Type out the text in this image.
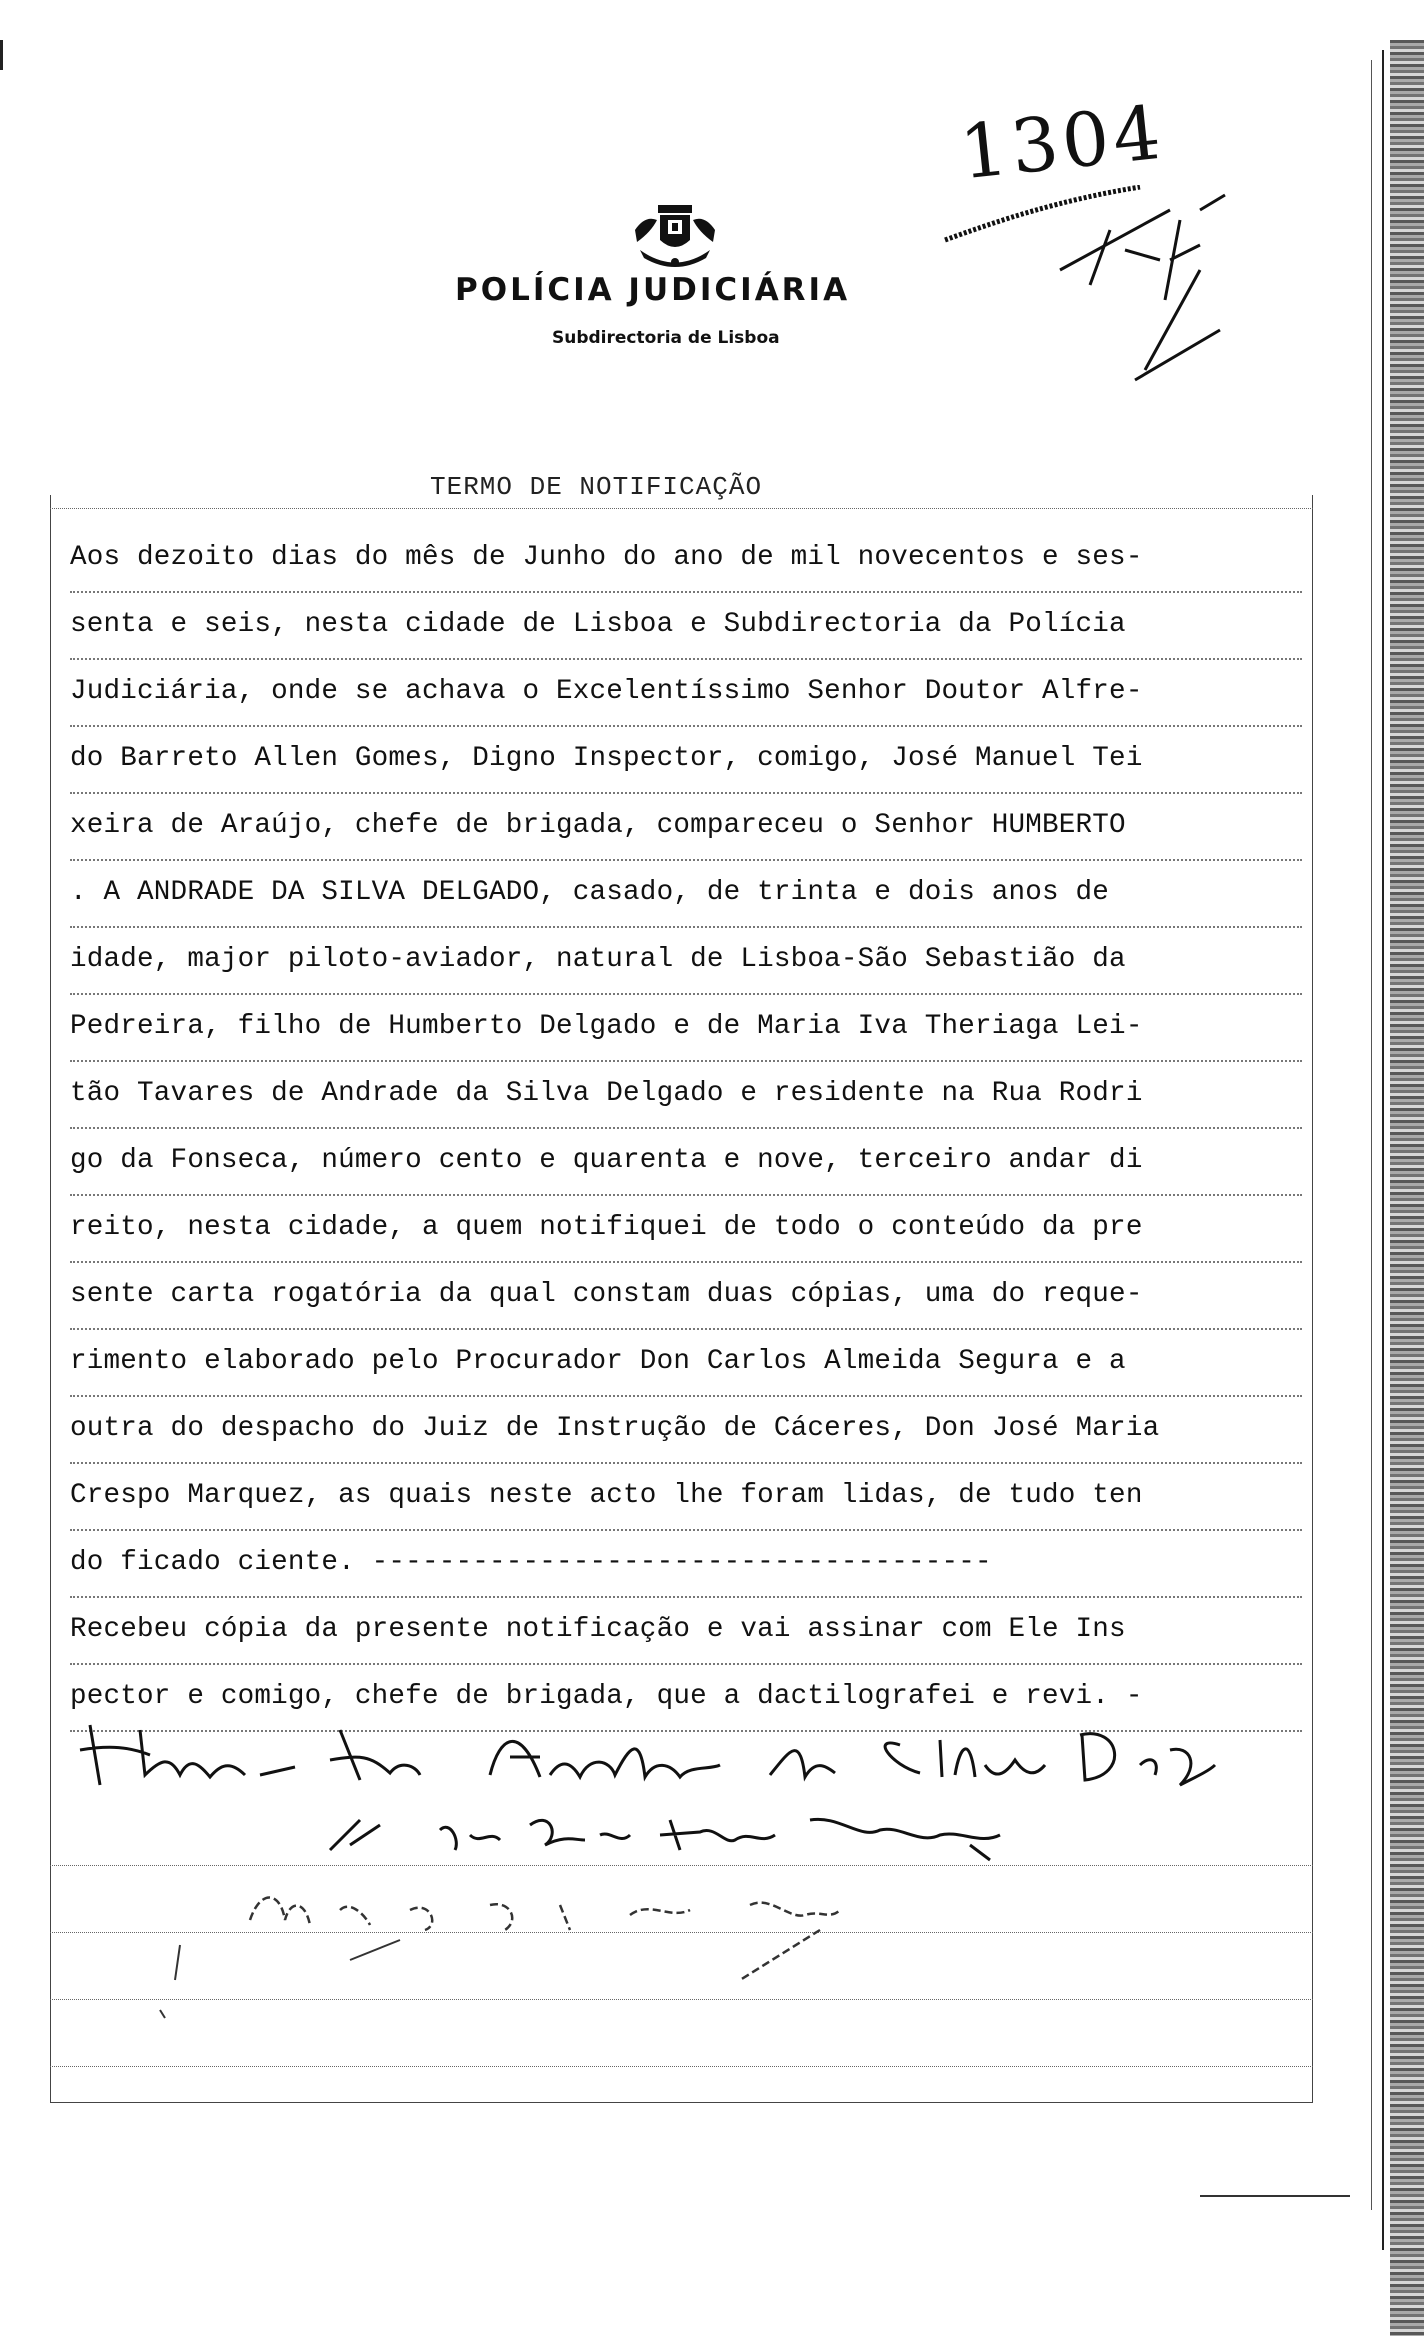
1304
POLÍCIA JUDICIÁRIA
Subdirectoria de Lisboa
TERMO DE NOTIFICAÇÃO
Aos dezoito dias do mês de Junho do ano de mil novecentos e ses-
senta e seis, nesta cidade de Lisboa e Subdirectoria da Polícia
Judiciária, onde se achava o Excelentíssimo Senhor Doutor Alfre-
do Barreto Allen Gomes, Digno Inspector, comigo, José Manuel Tei
xeira de Araújo, chefe de brigada, compareceu o Senhor HUMBERTO
. A ANDRADE DA SILVA DELGADO, casado, de trinta e dois anos de
idade, major piloto-aviador, natural de Lisboa-São Sebastião da
Pedreira, filho de Humberto Delgado e de Maria Iva Theriaga Lei-
tão Tavares de Andrade da Silva Delgado e residente na Rua Rodri
go da Fonseca, número cento e quarenta e nove, terceiro andar di
reito, nesta cidade, a quem notifiquei de todo o conteúdo da pre
sente carta rogatória da qual constam duas cópias, uma do reque-
rimento elaborado pelo Procurador Don Carlos Almeida Segura e a
outra do despacho do Juiz de Instrução de Cáceres, Don José Maria
Crespo Marquez, as quais neste acto lhe foram lidas, de tudo ten
do ficado ciente. -------------------------------------
Recebeu cópia da presente notificação e vai assinar com Ele Ins
pector e comigo, chefe de brigada, que a dactilografei e revi. -
